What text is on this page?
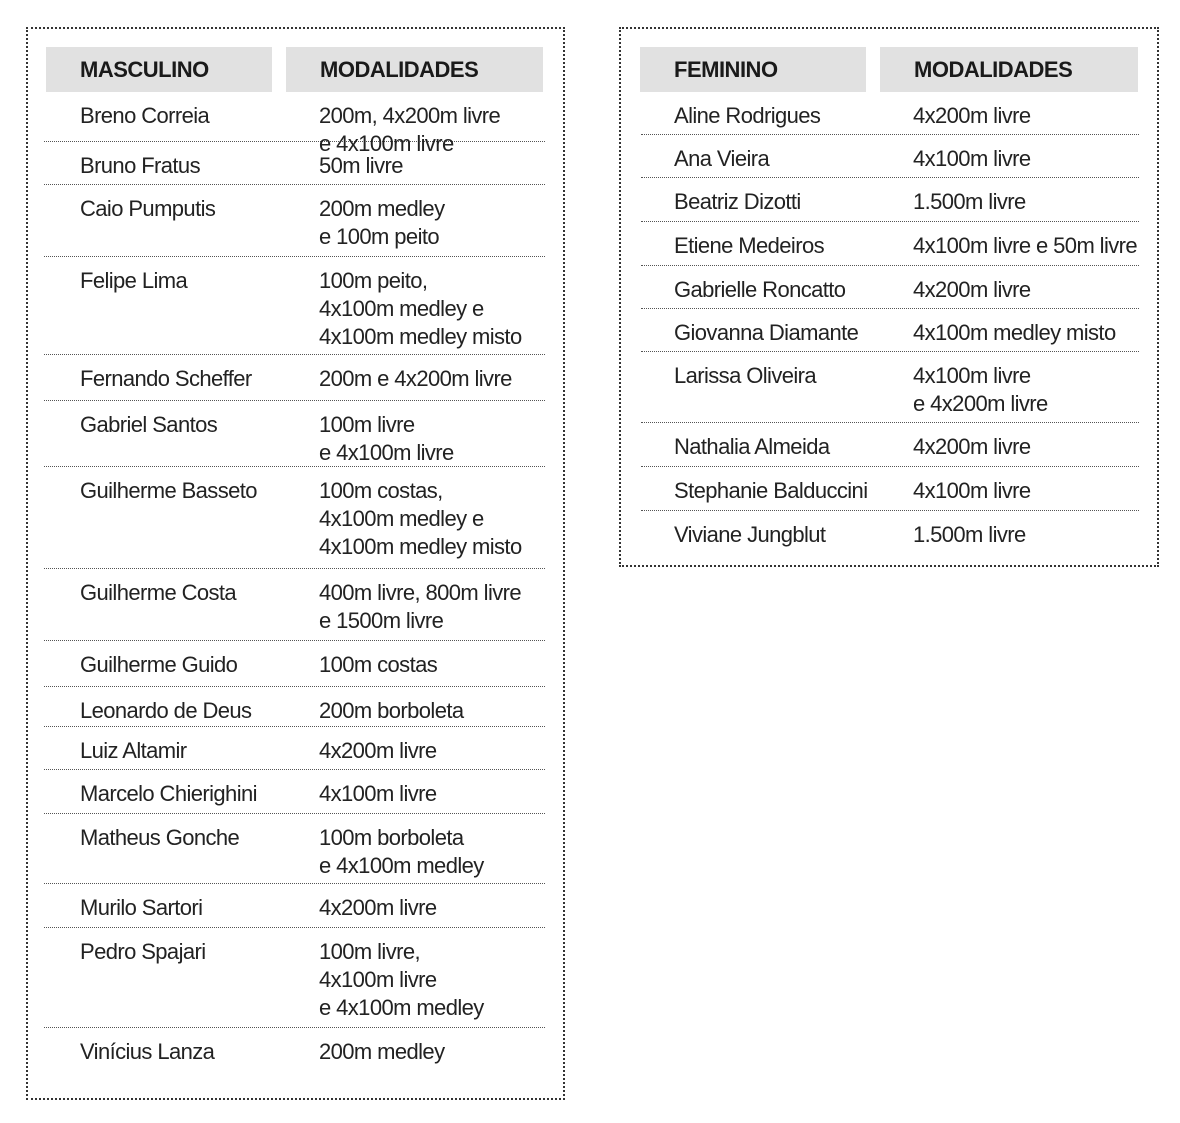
MASCULINO	MODALIDADES
Breno Correia	200m, 4x200m livre
e 4x100m livre
Bruno Fratus	50m livre
Caio Pumputis	200m medley
e 100m peito
Felipe Lima	100m peito,
4x100m medley e
4x100m medley misto
Fernando Scheffer	200m e 4x200m livre
Gabriel Santos	100m livre
e 4x100m livre
Guilherme Basseto	100m costas,
4x100m medley e
4x100m medley misto
Guilherme Costa	400m livre, 800m livre
e 1500m livre
Guilherme Guido	100m costas
Leonardo de Deus	200m borboleta
Luiz Altamir	4x200m livre
Marcelo Chierighini	4x100m livre
Matheus Gonche	100m borboleta
e 4x100m medley
Murilo Sartori	4x200m livre
Pedro Spajari	100m livre,
4x100m livre
e 4x100m medley
Vinícius Lanza	200m medley
FEMININO	MODALIDADES
Aline Rodrigues	4x200m livre
Ana Vieira	4x100m livre
Beatriz Dizotti	1.500m livre
Etiene Medeiros	4x100m livre e 50m livre
Gabrielle Roncatto	4x200m livre
Giovanna Diamante 4x100m medley misto
Larissa Oliveira	4x100m livre
e 4x200m livre
Nathalia Almeida	4x200m livre
Stephanie Balduccini 4x100m livre
Viviane Jungblut	1.500m livre
